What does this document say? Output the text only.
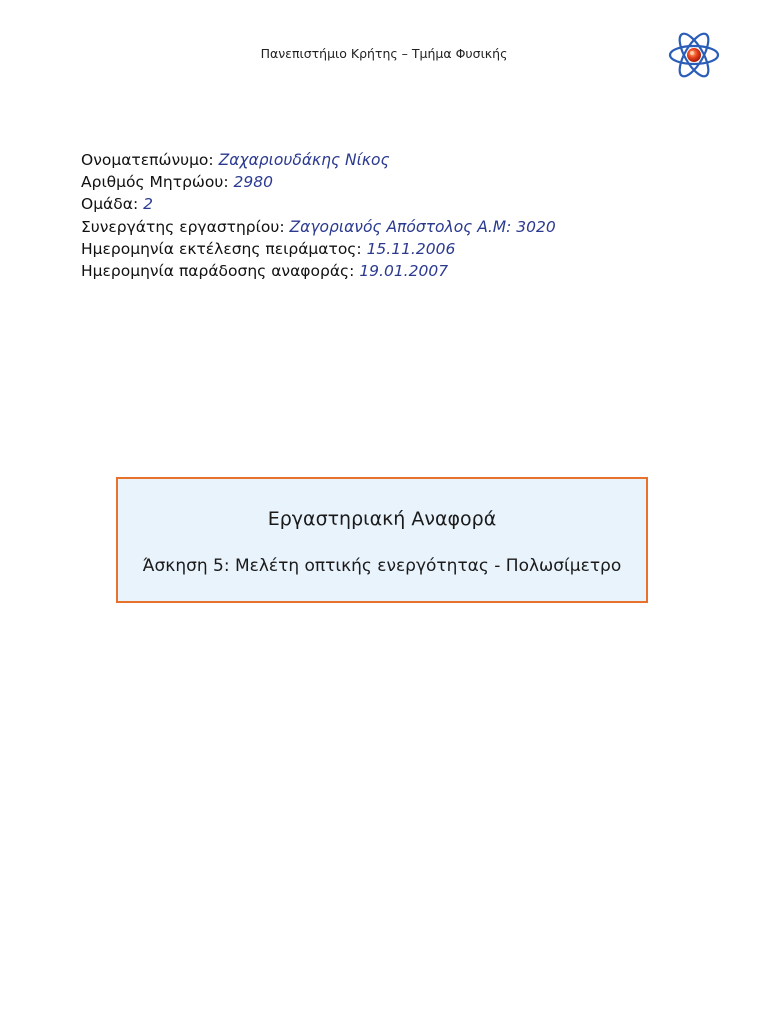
Πανεπιστήμιο Κρήτης – Τμήμα Φυσικής
Ονοματεπώνυμο: Ζαχαριουδάκης Νίκος
Αριθμός Μητρώου: 2980
Ομάδα: 2
Συνεργάτης εργαστηρίου: Ζαγοριανός Απόστολος Α.Μ: 3020
Ημερομηνία εκτέλεσης πειράματος: 15.11.2006
Ημερομηνία παράδοσης αναφοράς: 19.01.2007
Εργαστηριακή Αναφορά
Άσκηση 5: Μελέτη οπτικής ενεργότητας - Πολωσίμετρο
